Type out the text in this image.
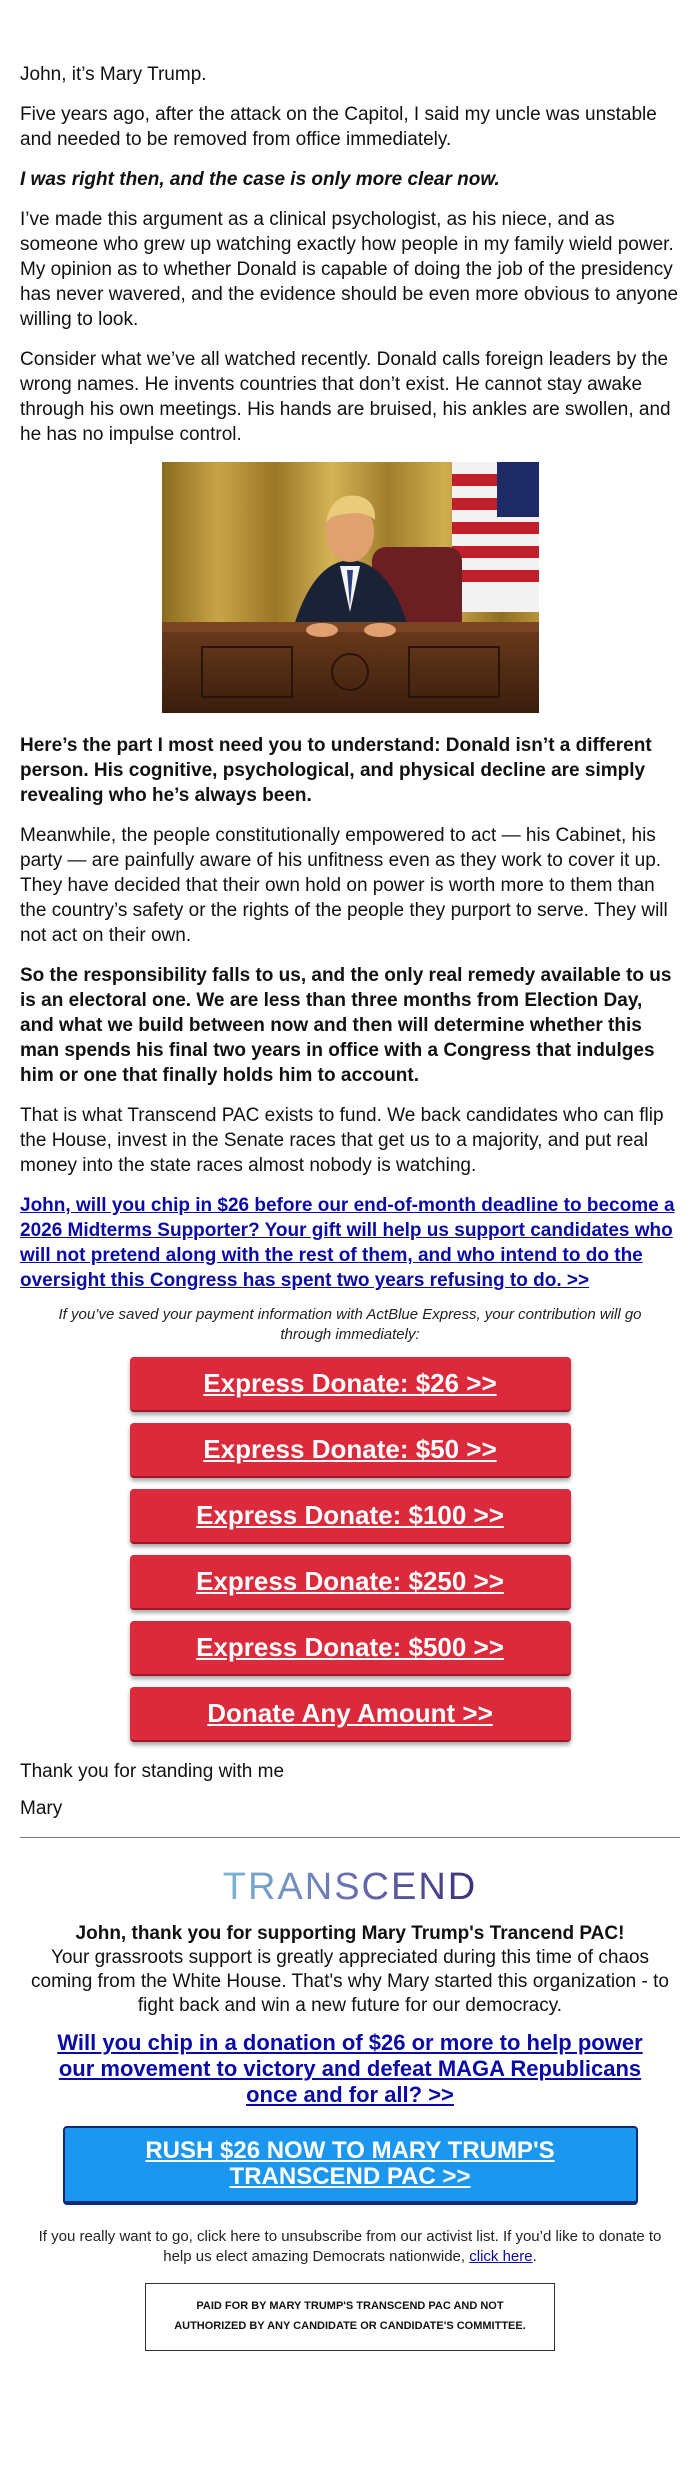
John, it’s Mary Trump.

Five years ago, after the attack on the Capitol, I said my uncle was unstable and needed to be removed from office immediately.

I was right then, and the case is only more clear now.

I’ve made this argument as a clinical psychologist, as his niece, and as someone who grew up watching exactly how people in my family wield power. My opinion as to whether Donald is capable of doing the job of the presidency has never wavered, and the evidence should be even more obvious to anyone willing to look.

Consider what we’ve all watched recently. Donald calls foreign leaders by the wrong names. He invents countries that don’t exist. He cannot stay awake through his own meetings. His hands are bruised, his ankles are swollen, and he has no impulse control.

Here’s the part I most need you to understand: Donald isn’t a different person. His cognitive, psychological, and physical decline are simply revealing who he’s always been.

Meanwhile, the people constitutionally empowered to act — his Cabinet, his party — are painfully aware of his unfitness even as they work to cover it up. They have decided that their own hold on power is worth more to them than the country’s safety or the rights of the people they purport to serve. They will not act on their own.

So the responsibility falls to us, and the only real remedy available to us is an electoral one. We are less than three months from Election Day, and what we build between now and then will determine whether this man spends his final two years in office with a Congress that indulges him or one that finally holds him to account.

That is what Transcend PAC exists to fund. We back candidates who can flip the House, invest in the Senate races that get us to a majority, and put real money into the state races almost nobody is watching.

John, will you chip in $26 before our end-of-month deadline to become a 2026 Midterms Supporter? Your gift will help us support candidates who will not pretend along with the rest of them, and who intend to do the oversight this Congress has spent two years refusing to do. >>

If you’ve saved your payment information with ActBlue Express, your contribution will go through immediately:

Express Donate: $26 >>
Express Donate: $50 >>
Express Donate: $100 >>
Express Donate: $250 >>
Express Donate: $500 >>
Donate Any Amount >>

Thank you for standing with me

Mary

TRANSCEND

John, thank you for supporting Mary Trump's Trancend PAC!
Your grassroots support is greatly appreciated during this time of chaos coming from the White House. That's why Mary started this organization - to fight back and win a new future for our democracy.

Will you chip in a donation of $26 or more to help power our movement to victory and defeat MAGA Republicans once and for all? >>
RUSH $26 NOW TO MARY TRUMP'S TRANSCEND PAC >>

If you really want to go, click here to unsubscribe from our activist list. If you’d like to donate to help us elect amazing Democrats nationwide, click here.

PAID FOR BY MARY TRUMP'S TRANSCEND PAC AND NOT AUTHORIZED BY ANY CANDIDATE OR CANDIDATE'S COMMITTEE.
